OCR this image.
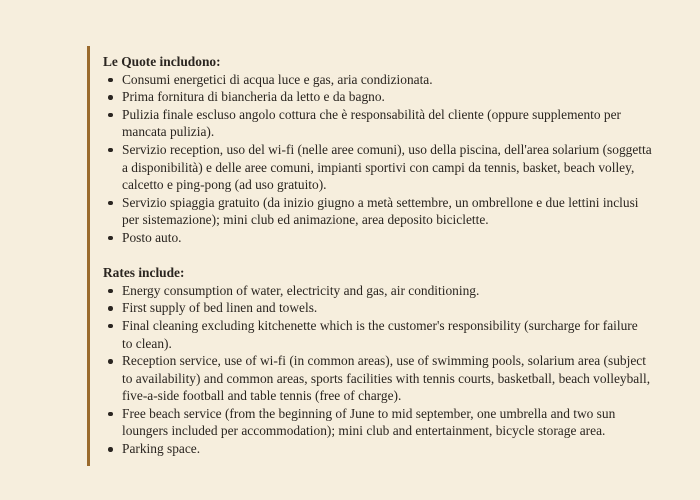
Le Quote includono:

Consumi energetici di acqua luce e gas, aria condizionata.
Prima fornitura di biancheria da letto e da bagno.
Pulizia finale escluso angolo cottura che è responsabilità del cliente (oppure supplemento per
mancata pulizia).
Servizio reception, uso del wi-fi (nelle aree comuni), uso della piscina, dell'area solarium (soggetta
a disponibilità) e delle aree comuni, impianti sportivi con campi da tennis, basket, beach volley,
calcetto e ping-pong (ad uso gratuito).
Servizio spiaggia gratuito (da inizio giugno a metà settembre, un ombrellone e due lettini inclusi
per sistemazione); mini club ed animazione, area deposito biciclette.
Posto auto.

Rates include:

Energy consumption of water, electricity and gas, air conditioning.
First supply of bed linen and towels.
Final cleaning excluding kitchenette which is the customer's responsibility (surcharge for failure
to clean).
Reception service, use of wi-fi (in common areas), use of swimming pools, solarium area (subject
to availability) and common areas, sports facilities with tennis courts, basketball, beach volleyball,
five-a-side football and table tennis (free of charge).
Free beach service (from the beginning of June to mid september, one umbrella and two sun
loungers included per accommodation); mini club and entertainment, bicycle storage area.
Parking space.
